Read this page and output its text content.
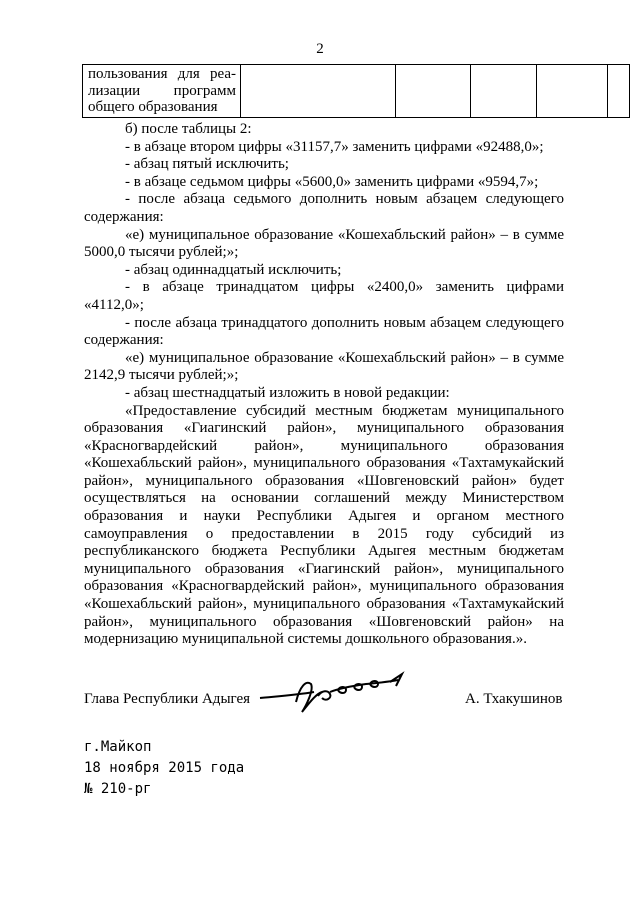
2
пользования для реа-
лизации программ
общего образования

б) после таблицы 2:

- в абзаце втором цифры «31157,7» заменить цифрами «92488,0»;

- абзац пятый исключить;

- в абзаце седьмом цифры «5600,0» заменить цифрами «9594,7»;

- после абзаца седьмого дополнить новым абзацем следующего содержания:

«е) муниципальное образование «Кошехабльский район» – в сумме 5000,0 тысячи рублей;»;

- абзац одиннадцатый исключить;

- в абзаце тринадцатом цифры «2400,0» заменить цифрами «4112,0»;

- после абзаца тринадцатого дополнить новым абзацем следующего содержания:

«е) муниципальное образование «Кошехабльский район» – в сумме 2142,9 тысячи рублей;»;

- абзац шестнадцатый изложить в новой редакции:

«Предоставление субсидий местным бюджетам муниципального образования «Гиагинский район», муниципального образования «Красногвардейский район», муниципального образования «Кошехабльский район», муниципального образования «Тахтамукайский район», муниципального образования «Шовгеновский район» будет осуществляться на основании соглашений между Министерством образования и науки Республики Адыгея и органом местного самоуправления о предоставлении в 2015 году субсидий из республиканского бюджета Республики Адыгея местным бюджетам муниципального образования «Гиагинский район», муниципального образования «Красногвардейский район», муниципального образования «Кошехабльский район», муниципального образования «Тахтамукайский район», муниципального образования «Шовгеновский район» на модернизацию муниципальной системы дошкольного образования.».

Глава Республики Адыгея	А. Тхакушинов
г.Майкоп
18 ноября 2015 года
№ 210-рг
